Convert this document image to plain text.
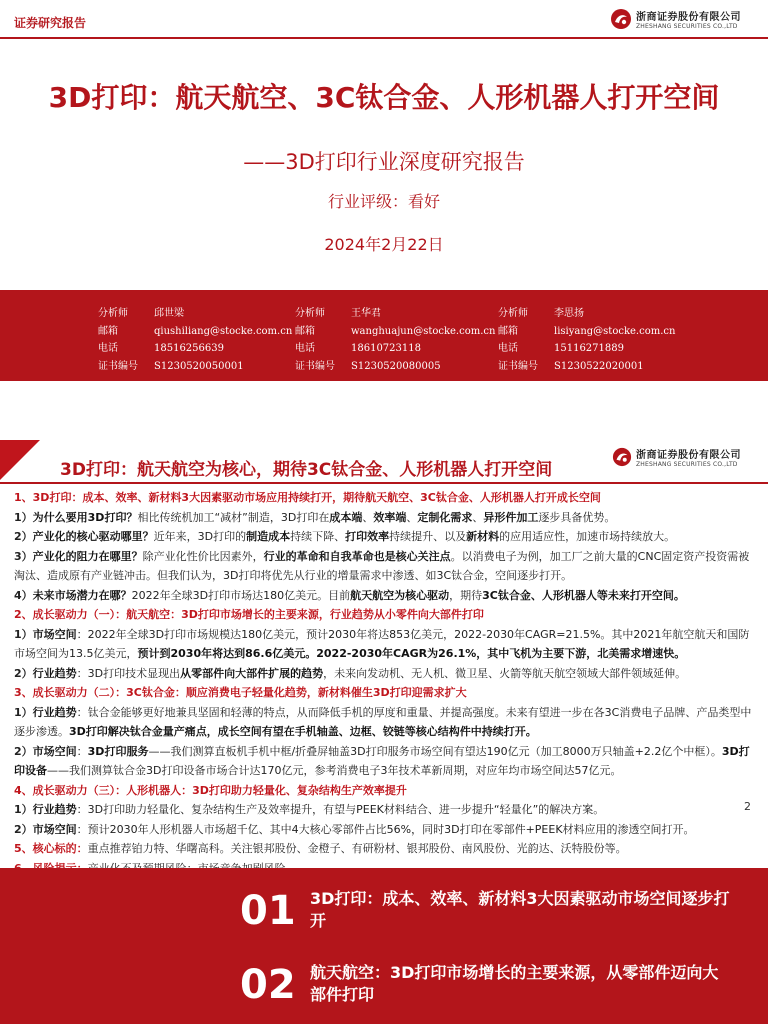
证券研究报告	浙商证券股份有限公司
ZHESHANG SECURITIES CO.,LTD
3D打印：航天航空、3C钛合金、人形机器人打开空间
——3D打印行业深度研究报告
行业评级：看好
2024年2月22日
分析师	邱世梁
邮箱	qiushiliang@stocke.com.cn
电话	18516256639
证书编号	S1230520050001
分析师	王华君
邮箱	wanghuajun@stocke.com.cn
电话	18610723118
证书编号	S1230520080005
分析师	李思扬
邮箱	lisiyang@stocke.com.cn
电话	15116271889
证书编号	S1230522020001
3D打印：航天航空为核心，期待3C钛合金、人形机器人打开空间
浙商证券股份有限公司
ZHESHANG SECURITIES CO.,LTD

1、3D打印：成本、效率、新材料3大因素驱动市场应用持续打开，期待航天航空、3C钛合金、人形机器人打开成长空间

1）为什么要用3D打印？相比传统机加工“减材”制造，3D打印在成本端、效率端、定制化需求、异形件加工逐步具备优势。

2）产业化的核心驱动哪里？近年来，3D打印的制造成本持续下降、打印效率持续提升、以及新材料的应用适应性，加速市场持续放大。

3）产业化的阻力在哪里？除产业化性价比因素外，行业的革命和自我革命也是核心关注点。以消费电子为例，加工厂之前大量的CNC固定资产投资需被淘汰、造成原有产业链冲击。但我们认为，3D打印将优先从行业的增量需求中渗透、如3C钛合金，空间逐步打开。

4）未来市场潜力在哪？2022年全球3D打印市场达180亿美元。目前航天航空为核心驱动，期待3C钛合金、人形机器人等未来打开空间。

2、成长驱动力（一）：航天航空：3D打印市场增长的主要来源，行业趋势从小零件向大部件打印

1）市场空间：2022年全球3D打印市场规模达180亿美元，预计2030年将达853亿美元，2022-2030年CAGR=21.5%。其中2021年航空航天和国防市场空间为13.5亿美元，预计到2030年将达到86.6亿美元。2022-2030年CAGR为26.1%，其中飞机为主要下游，北美需求增速快。

2）行业趋势：3D打印技术显现出从零部件向大部件扩展的趋势，未来向发动机、无人机、微卫星、火箭等航天航空领域大部件领域延伸。

3、成长驱动力（二）：3C钛合金：顺应消费电子轻量化趋势，新材料催生3D打印迎需求扩大

1）行业趋势：钛合金能够更好地兼具坚固和轻薄的特点，从而降低手机的厚度和重量、并提高强度。未来有望进一步在各3C消费电子品牌、产品类型中逐步渗透。3D打印解决钛合金量产痛点，成长空间有望在手机轴盖、边框、铰链等核心结构件中持续打开。

2）市场空间：3D打印服务——我们测算直板机手机中框/折叠屏轴盖3D打印服务市场空间有望达190亿元（加工8000万只轴盖+2.2亿个中框）。3D打印设备——我们测算钛合金3D打印设备市场合计达170亿元，参考消费电子3年技术革新周期，对应年均市场空间达57亿元。

4、成长驱动力（三）：人形机器人：3D打印助力轻量化、复杂结构生产效率提升

1）行业趋势：3D打印助力轻量化、复杂结构生产及效率提升，有望与PEEK材料结合、进一步提升“轻量化”的解决方案。

2）市场空间：预计2030年人形机器人市场超千亿、其中4大核心零部件占比56%，同时3D打印在零部件+PEEK材料应用的渗透空间打开。

5、核心标的：重点推荐铂力特、华曙高科。关注银邦股份、金橙子、有研粉材、银邦股份、南风股份、光韵达、沃特股份等。

2
01 3D打印：成本、效率、新材料3大因素驱动市场空间逐步打开
02 航天航空：3D打印市场增长的主要来源，从零部件迈向大部件打印
